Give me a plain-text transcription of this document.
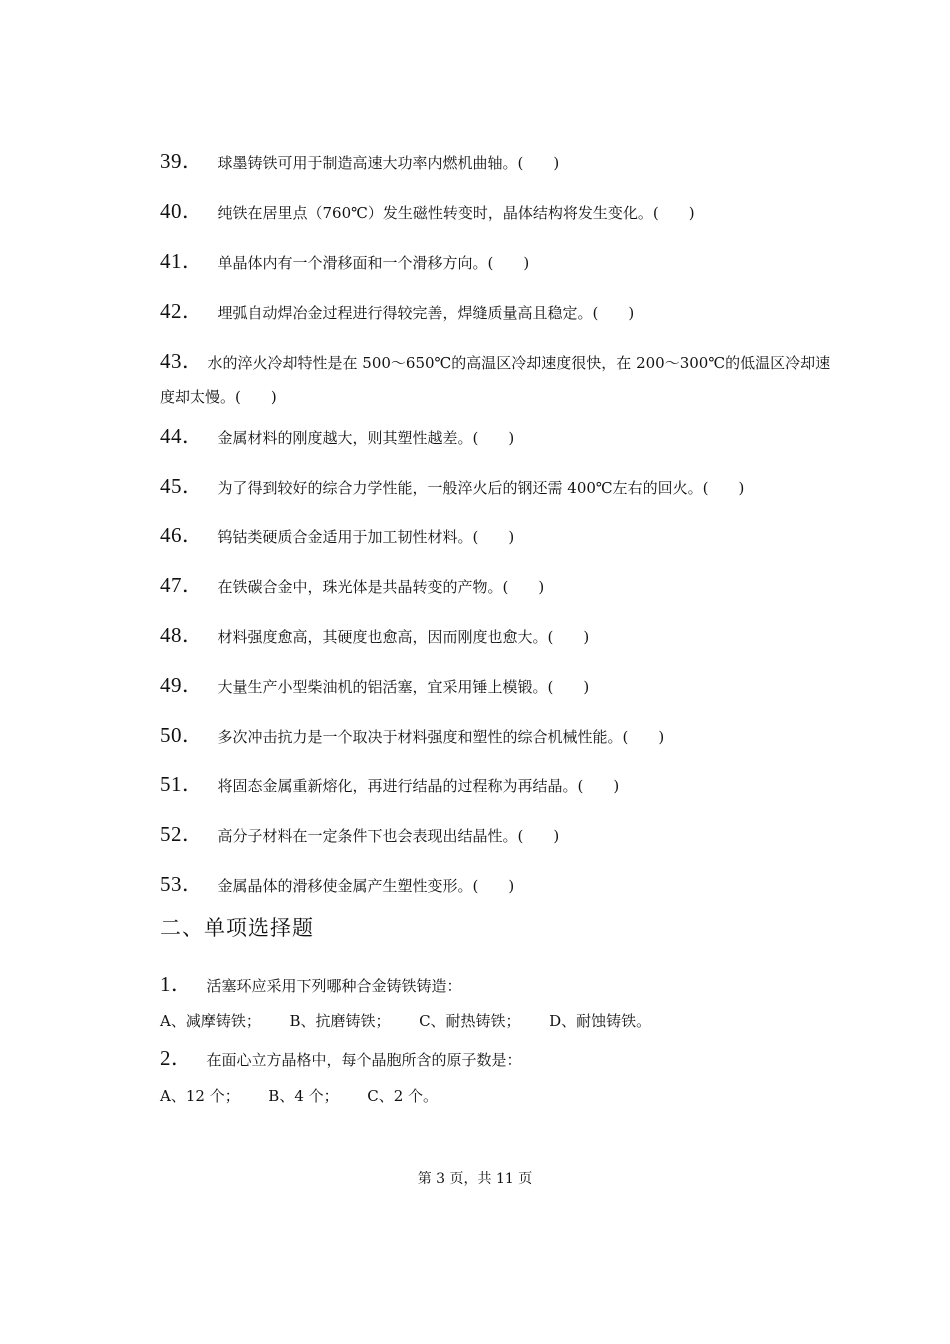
39． 球墨铸铁可用于制造高速大功率内燃机曲轴。(　　)
40． 纯铁在居里点（760℃）发生磁性转变时，晶体结构将发生变化。(　　)
41． 单晶体内有一个滑移面和一个滑移方向。(　　)
42． 埋弧自动焊冶金过程进行得较完善，焊缝质量高且稳定。(　　)
43． 水的淬火冷却特性是在 500～650℃的高温区冷却速度很快，在 200～300℃的低温区冷却速
度却太慢。(　　)
44． 金属材料的刚度越大，则其塑性越差。(　　)
45． 为了得到较好的综合力学性能，一般淬火后的钢还需 400℃左右的回火。(　　)
46． 钨钴类硬质合金适用于加工韧性材料。(　　)
47． 在铁碳合金中，珠光体是共晶转变的产物。(　　)
48． 材料强度愈高，其硬度也愈高，因而刚度也愈大。(　　)
49． 大量生产小型柴油机的铝活塞，宜采用锤上模锻。(　　)
50． 多次冲击抗力是一个取决于材料强度和塑性的综合机械性能。(　　)
51． 将固态金属重新熔化，再进行结晶的过程称为再结晶。(　　)
52． 高分子材料在一定条件下也会表现出结晶性。(　　)
53． 金属晶体的滑移使金属产生塑性变形。(　　)
二、单项选择题
1． 活塞环应采用下列哪种合金铸铁铸造：
A、减摩铸铁；      B、抗磨铸铁；      C、耐热铸铁；      D、耐蚀铸铁。
2． 在面心立方晶格中，每个晶胞所含的原子数是：
A、12 个；      B、4 个；      C、2 个。
第 3 页，共 11 页
